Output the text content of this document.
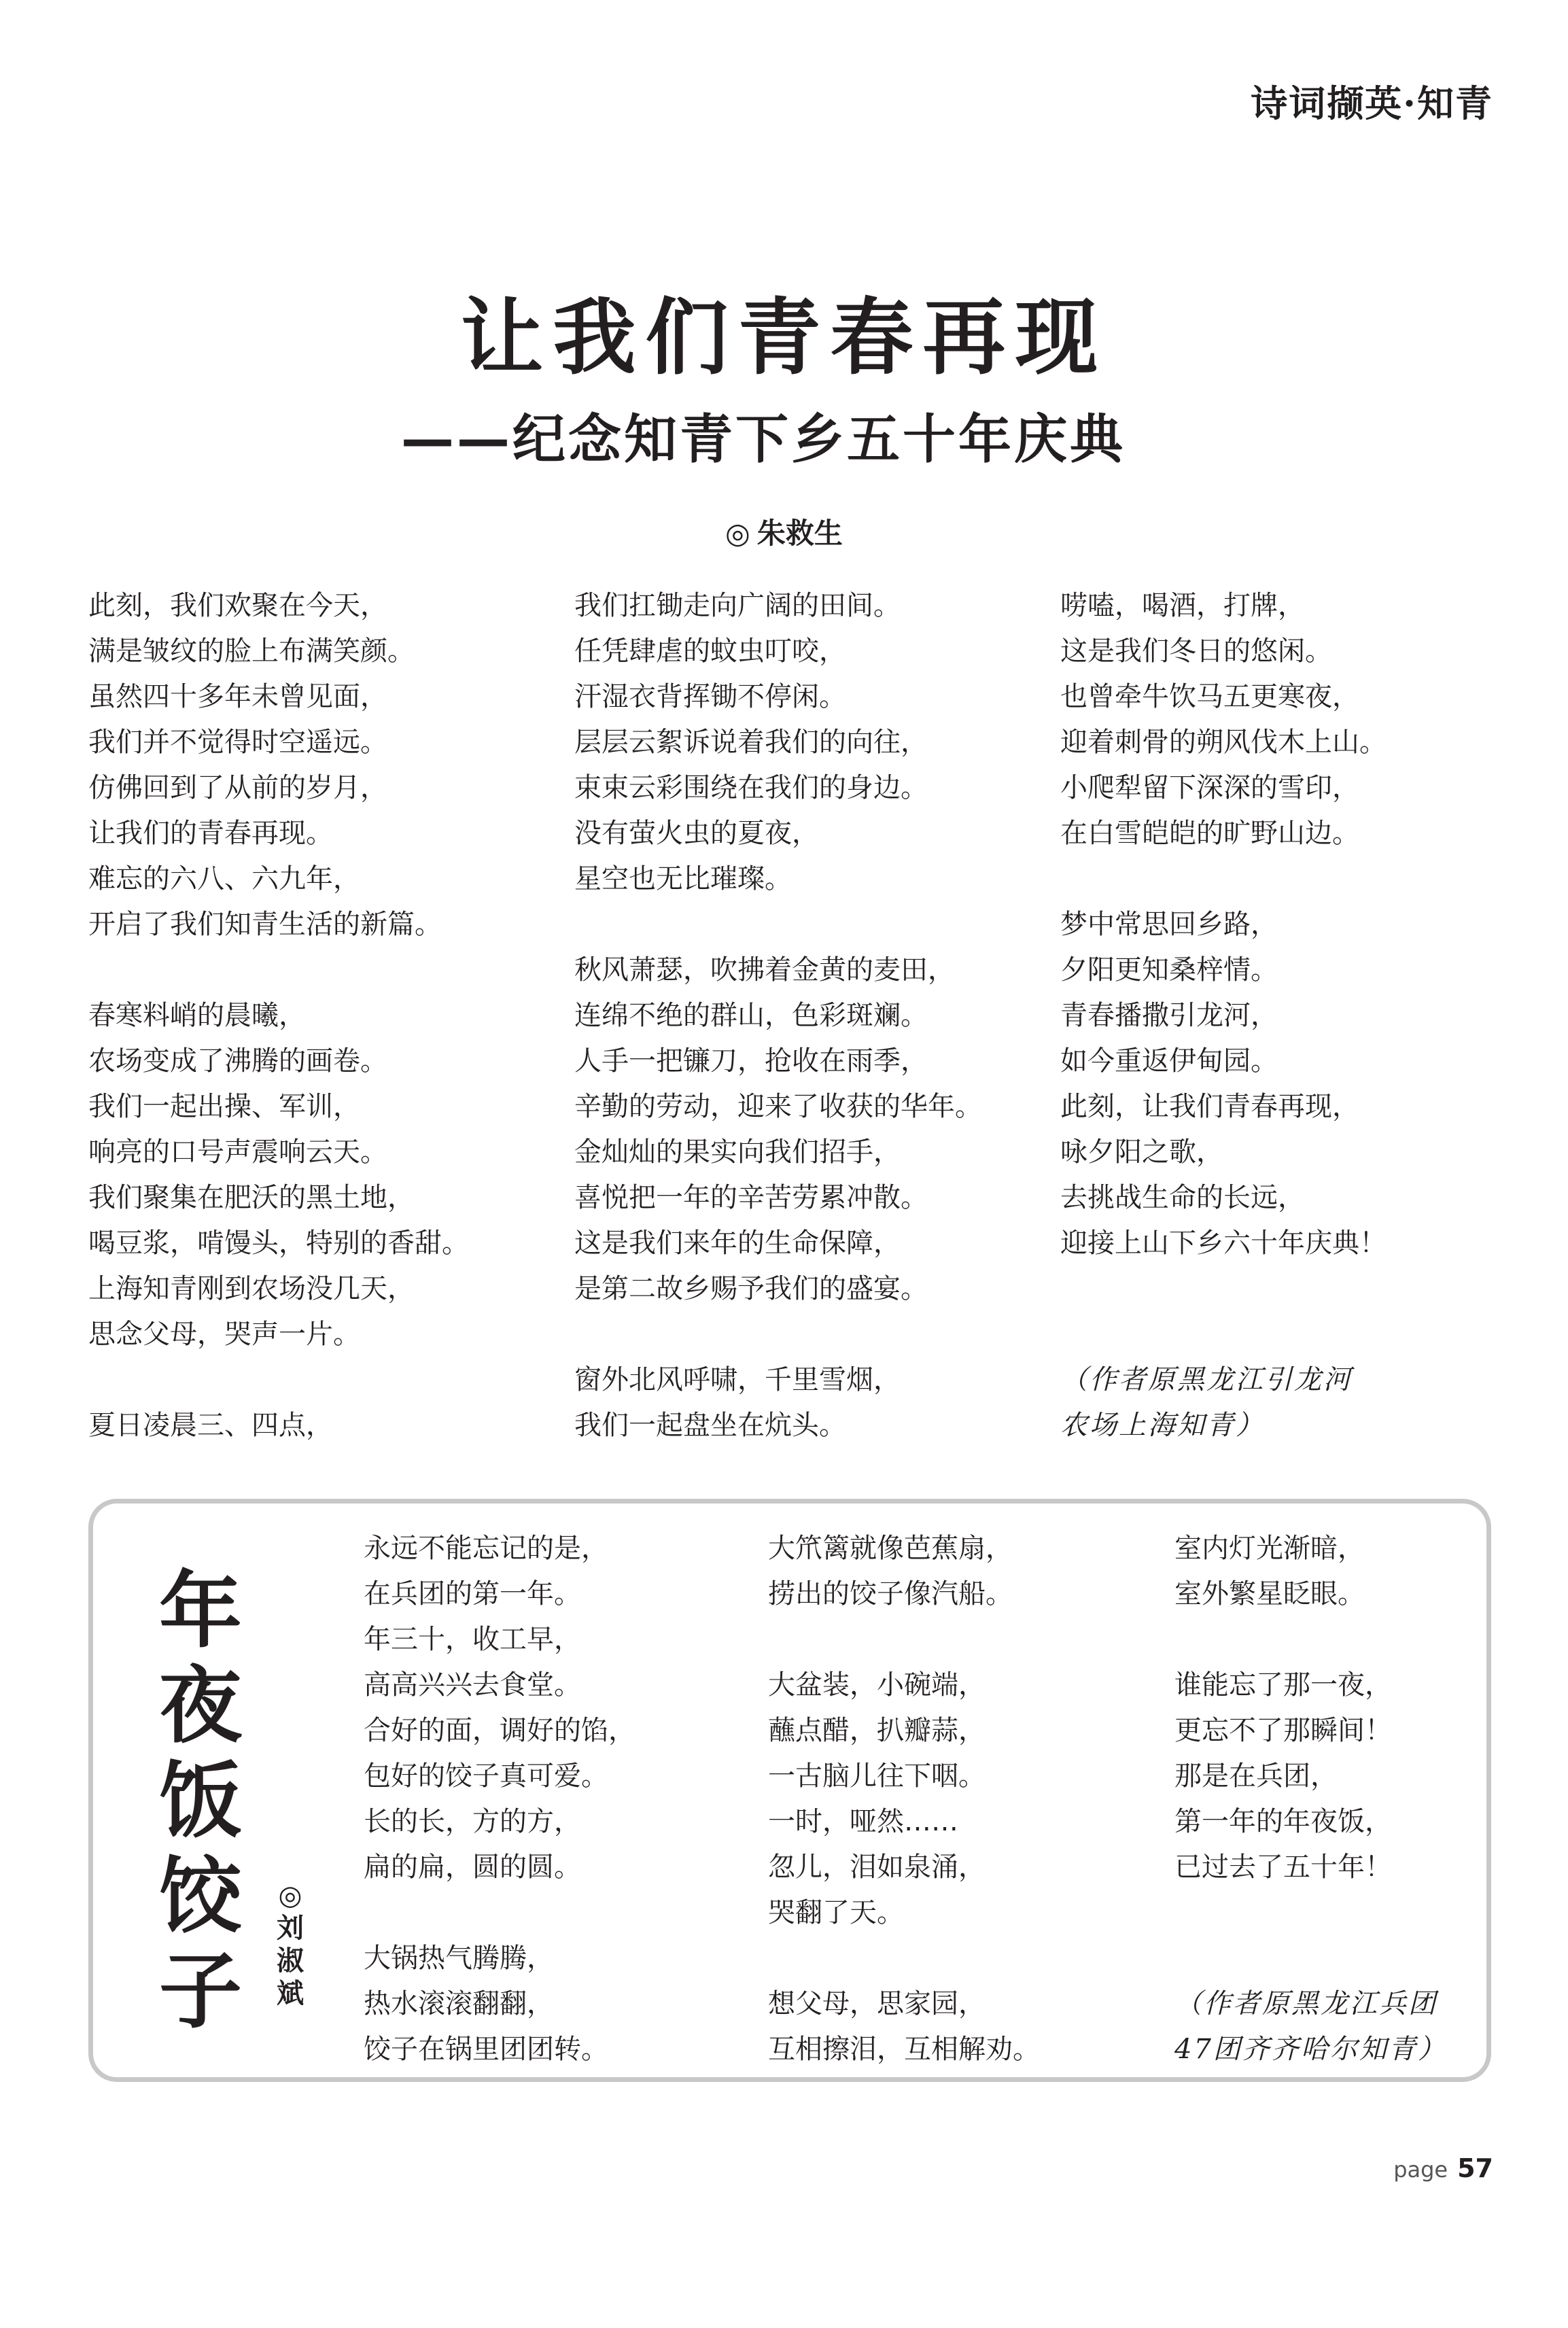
诗词撷英·知青
让我们青春再现
——纪念知青下乡五十年庆典
◎ 朱救生
此刻，我们欢聚在今天，
满是皱纹的脸上布满笑颜。
虽然四十多年未曾见面，
我们并不觉得时空遥远。
仿佛回到了从前的岁月，
让我们的青春再现。
难忘的六八、六九年，
开启了我们知青生活的新篇。
春寒料峭的晨曦，
农场变成了沸腾的画卷。
我们一起出操、军训，
响亮的口号声震响云天。
我们聚集在肥沃的黑土地，
喝豆浆，啃馒头，特别的香甜。
上海知青刚到农场没几天，
思念父母，哭声一片。
夏日凌晨三、四点，
我们扛锄走向广阔的田间。
任凭肆虐的蚊虫叮咬，
汗湿衣背挥锄不停闲。
层层云絮诉说着我们的向往，
束束云彩围绕在我们的身边。
没有萤火虫的夏夜，
星空也无比璀璨。
秋风萧瑟，吹拂着金黄的麦田，
连绵不绝的群山，色彩斑斓。
人手一把镰刀，抢收在雨季，
辛勤的劳动，迎来了收获的华年。
金灿灿的果实向我们招手，
喜悦把一年的辛苦劳累冲散。
这是我们来年的生命保障，
是第二故乡赐予我们的盛宴。
窗外北风呼啸，千里雪烟，
我们一起盘坐在炕头。
唠嗑，喝酒，打牌，
这是我们冬日的悠闲。
也曾牵牛饮马五更寒夜，
迎着刺骨的朔风伐木上山。
小爬犁留下深深的雪印，
在白雪皑皑的旷野山边。
梦中常思回乡路，
夕阳更知桑梓情。
青春播撒引龙河，
如今重返伊甸园。
此刻，让我们青春再现，
咏夕阳之歌，
去挑战生命的长远，
迎接上山下乡六十年庆典！
（作者原黑龙江引龙河
农场上海知青）
年
夜
饭
饺
子
◎
刘
淑
斌
永远不能忘记的是，
在兵团的第一年。
年三十，收工早，
高高兴兴去食堂。
合好的面，调好的馅，
包好的饺子真可爱。
长的长，方的方，
扁的扁，圆的圆。
大锅热气腾腾，
热水滚滚翻翻，
饺子在锅里团团转。
大笊篱就像芭蕉扇，
捞出的饺子像汽船。
大盆装，小碗端，
蘸点醋，扒瓣蒜，
一古脑儿往下咽。
一时，哑然……
忽儿，泪如泉涌，
哭翻了天。
想父母，思家园，
互相擦泪，互相解劝。
室内灯光渐暗，
室外繁星眨眼。
谁能忘了那一夜，
更忘不了那瞬间！
那是在兵团，
第一年的年夜饭，
已过去了五十年！
（作者原黑龙江兵团
47团齐齐哈尔知青）
page 57
